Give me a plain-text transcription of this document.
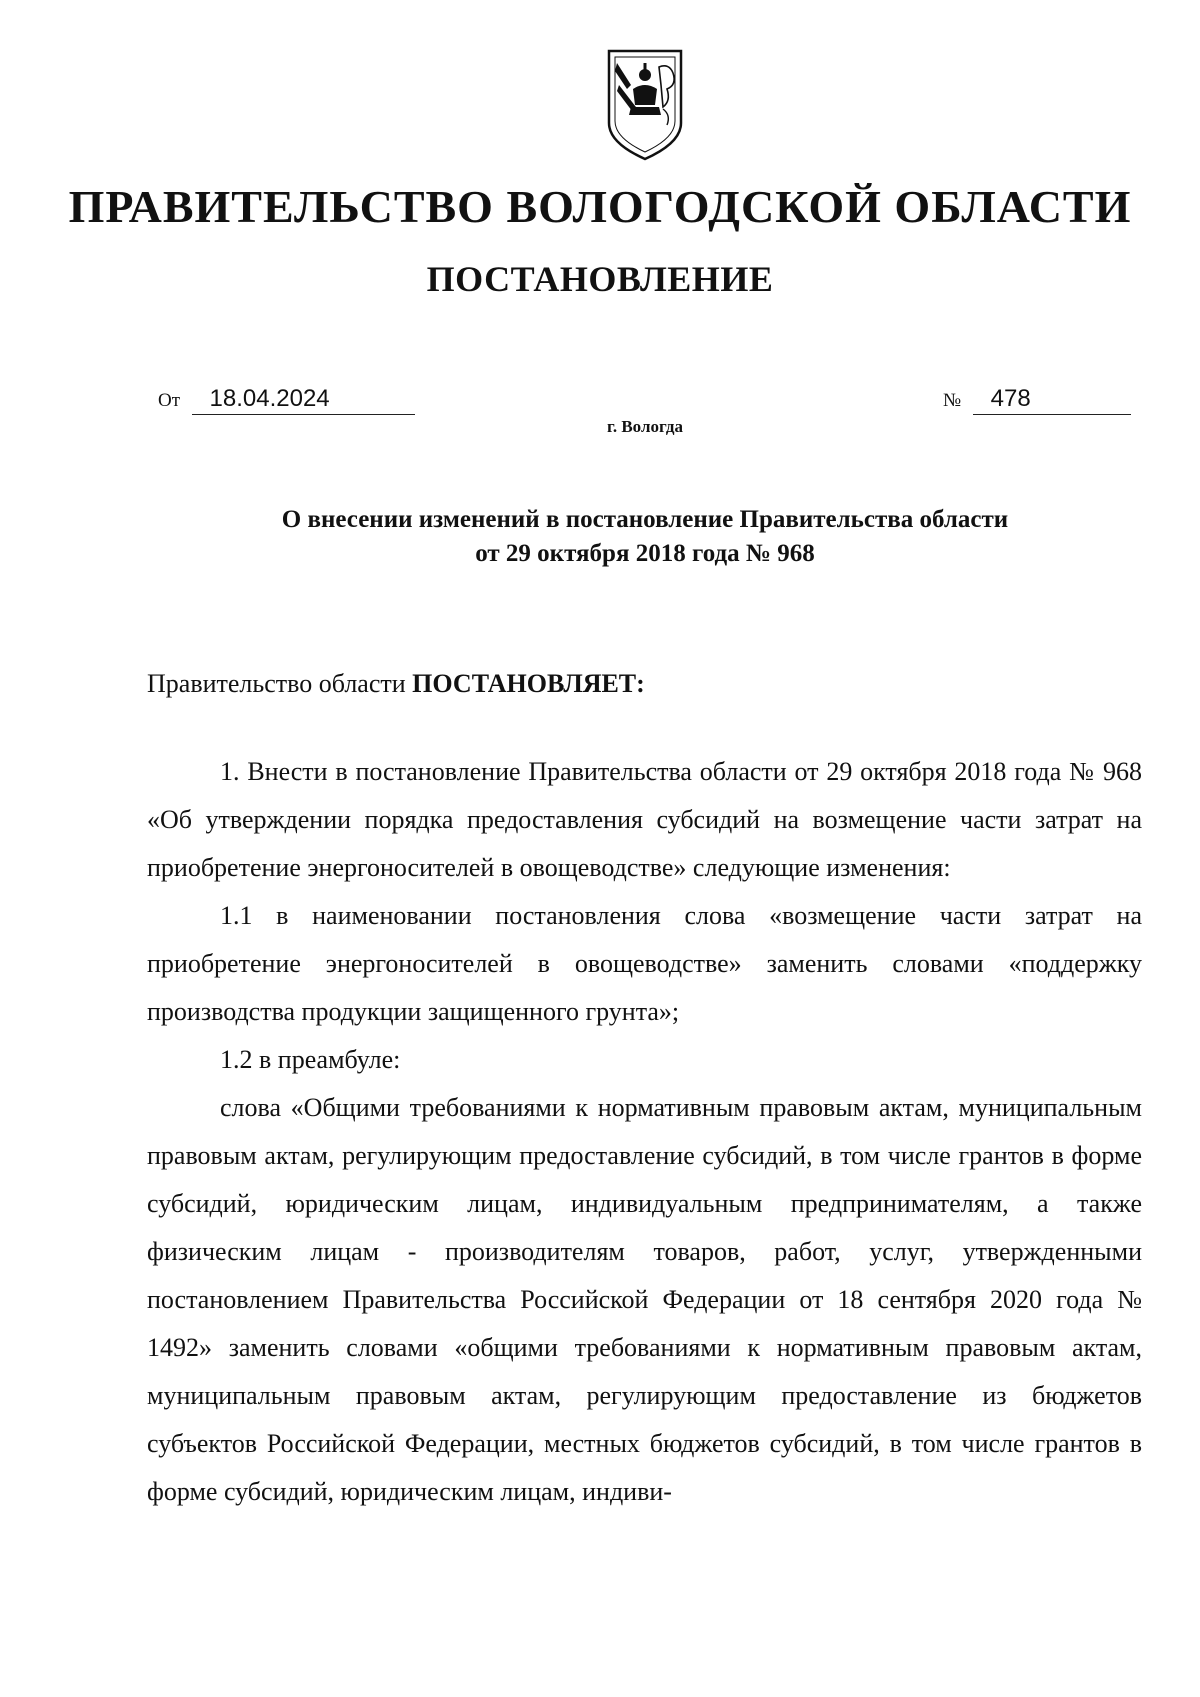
ПРАВИТЕЛЬСТВО ВОЛОГОДСКОЙ ОБЛАСТИ
ПОСТАНОВЛЕНИЕ
От 18.04.2024	№ 478
г. Вологда
О внесении изменений в постановление Правительства области
от 29 октября 2018 года № 968

Правительство области ПОСТАНОВЛЯЕТ:

1. Внести в постановление Правительства области от 29 октября 2018 года № 968 «Об утверждении порядка предоставления субсидий на возмещение части затрат на приобретение энергоносителей в овощеводстве» следующие изменения:

1.1 в наименовании постановления слова «возмещение части затрат на приобретение энергоносителей в овощеводстве» заменить словами «поддержку производства продукции защищенного грунта»;

1.2 в преамбуле:

слова «Общими требованиями к нормативным правовым актам, муниципальным правовым актам, регулирующим предоставление субсидий, в том числе грантов в форме субсидий, юридическим лицам, индивидуальным предпринимателям, а также физическим лицам - производителям товаров, работ, услуг, утвержденными постановлением Правительства Российской Федерации от 18 сентября 2020 года № 1492» заменить словами «общими требованиями к нормативным правовым актам, муниципальным правовым актам, регулирующим предоставление из бюджетов субъектов Российской Федерации, местных бюджетов субсидий, в том числе грантов в форме субсидий, юридическим лицам, индиви-
